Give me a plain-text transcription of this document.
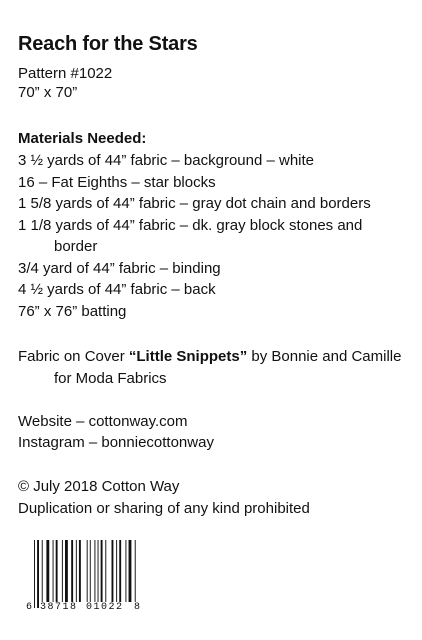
Reach for the Stars
Pattern #1022
70” x 70”
Materials Needed:
3 ½ yards of 44” fabric – background – white
16 – Fat Eighths – star blocks
1 5/8 yards of 44” fabric – gray dot chain and borders
1 1/8 yards of 44” fabric – dk. gray block stones and
border
3/4 yard of 44” fabric – binding
4 ½ yards of 44” fabric – back
76” x 76” batting
Fabric on Cover “Little Snippets” by Bonnie and Camille
for Moda Fabrics
Website – cottonway.com
Instagram – bonniecottonway
© July 2018 Cotton Way
Duplication or sharing of any kind prohibited
6 38718 01022 8
